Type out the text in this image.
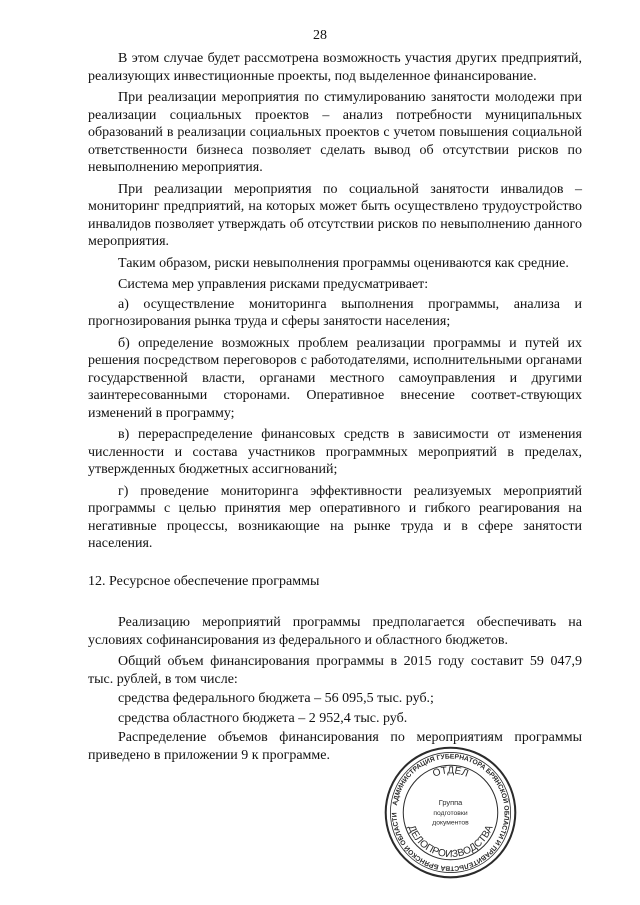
28

В этом случае будет рассмотрена возможность участия других предприятий, реализующих инвестиционные проекты, под выделенное финансирование.

При реализации мероприятия по стимулированию занятости молодежи при реализации социальных проектов – анализ потребности муниципальных образований в реализации социальных проектов с учетом повышения социальной ответственности бизнеса позволяет сделать вывод об отсутствии рисков по невыполнению мероприятия.

При реализации мероприятия по социальной занятости инвалидов – мониторинг предприятий, на которых может быть осуществлено трудоустройство инвалидов позволяет утверждать об отсутствии рисков по невыполнению данного мероприятия.

Таким образом, риски невыполнения программы оцениваются как средние.

Система мер управления рисками предусматривает:

а) осуществление мониторинга выполнения программы, анализа и прогнозирования рынка труда и сферы занятости населения;

б) определение возможных проблем реализации программы и путей их решения посредством переговоров с работодателями, исполнительными органами государственной власти, органами местного самоуправления и другими заинтересованными сторонами. Оперативное внесение соответ-ствующих изменений в программу;

в) перераспределение финансовых средств в зависимости от изменения численности и состава участников программных мероприятий в пределах, утвержденных бюджетных ассигнований;

г) проведение мониторинга эффективности реализуемых мероприятий программы с целью принятия мер оперативного и гибкого реагирования на негативные процессы, возникающие на рынке труда и в сфере занятости населения.

12. Ресурсное обеспечение программы

Реализацию мероприятий программы предполагается обеспечивать на условиях софинансирования из федерального и областного бюджетов.

Общий объем финансирования программы в 2015 году составит 59 047,9 тыс. рублей, в том числе:

средства федерального бюджета – 56 095,5 тыс. руб.;

средства областного бюджета – 2 952,4 тыс. руб.

Распределение объемов финансирования по мероприятиям программы приведено в приложении 9 к программе.

АДМИНИСТРАЦИЯ ГУБЕРНАТОРА БРЯНСКОЙ ОБЛАСТИ И ПРАВИТЕЛЬСТВА БРЯНСКОЙ ОБЛАСТИ
ОТДЕЛ
ДЕЛОПРОИЗВОДСТВА
Группа
подготовки
документов
